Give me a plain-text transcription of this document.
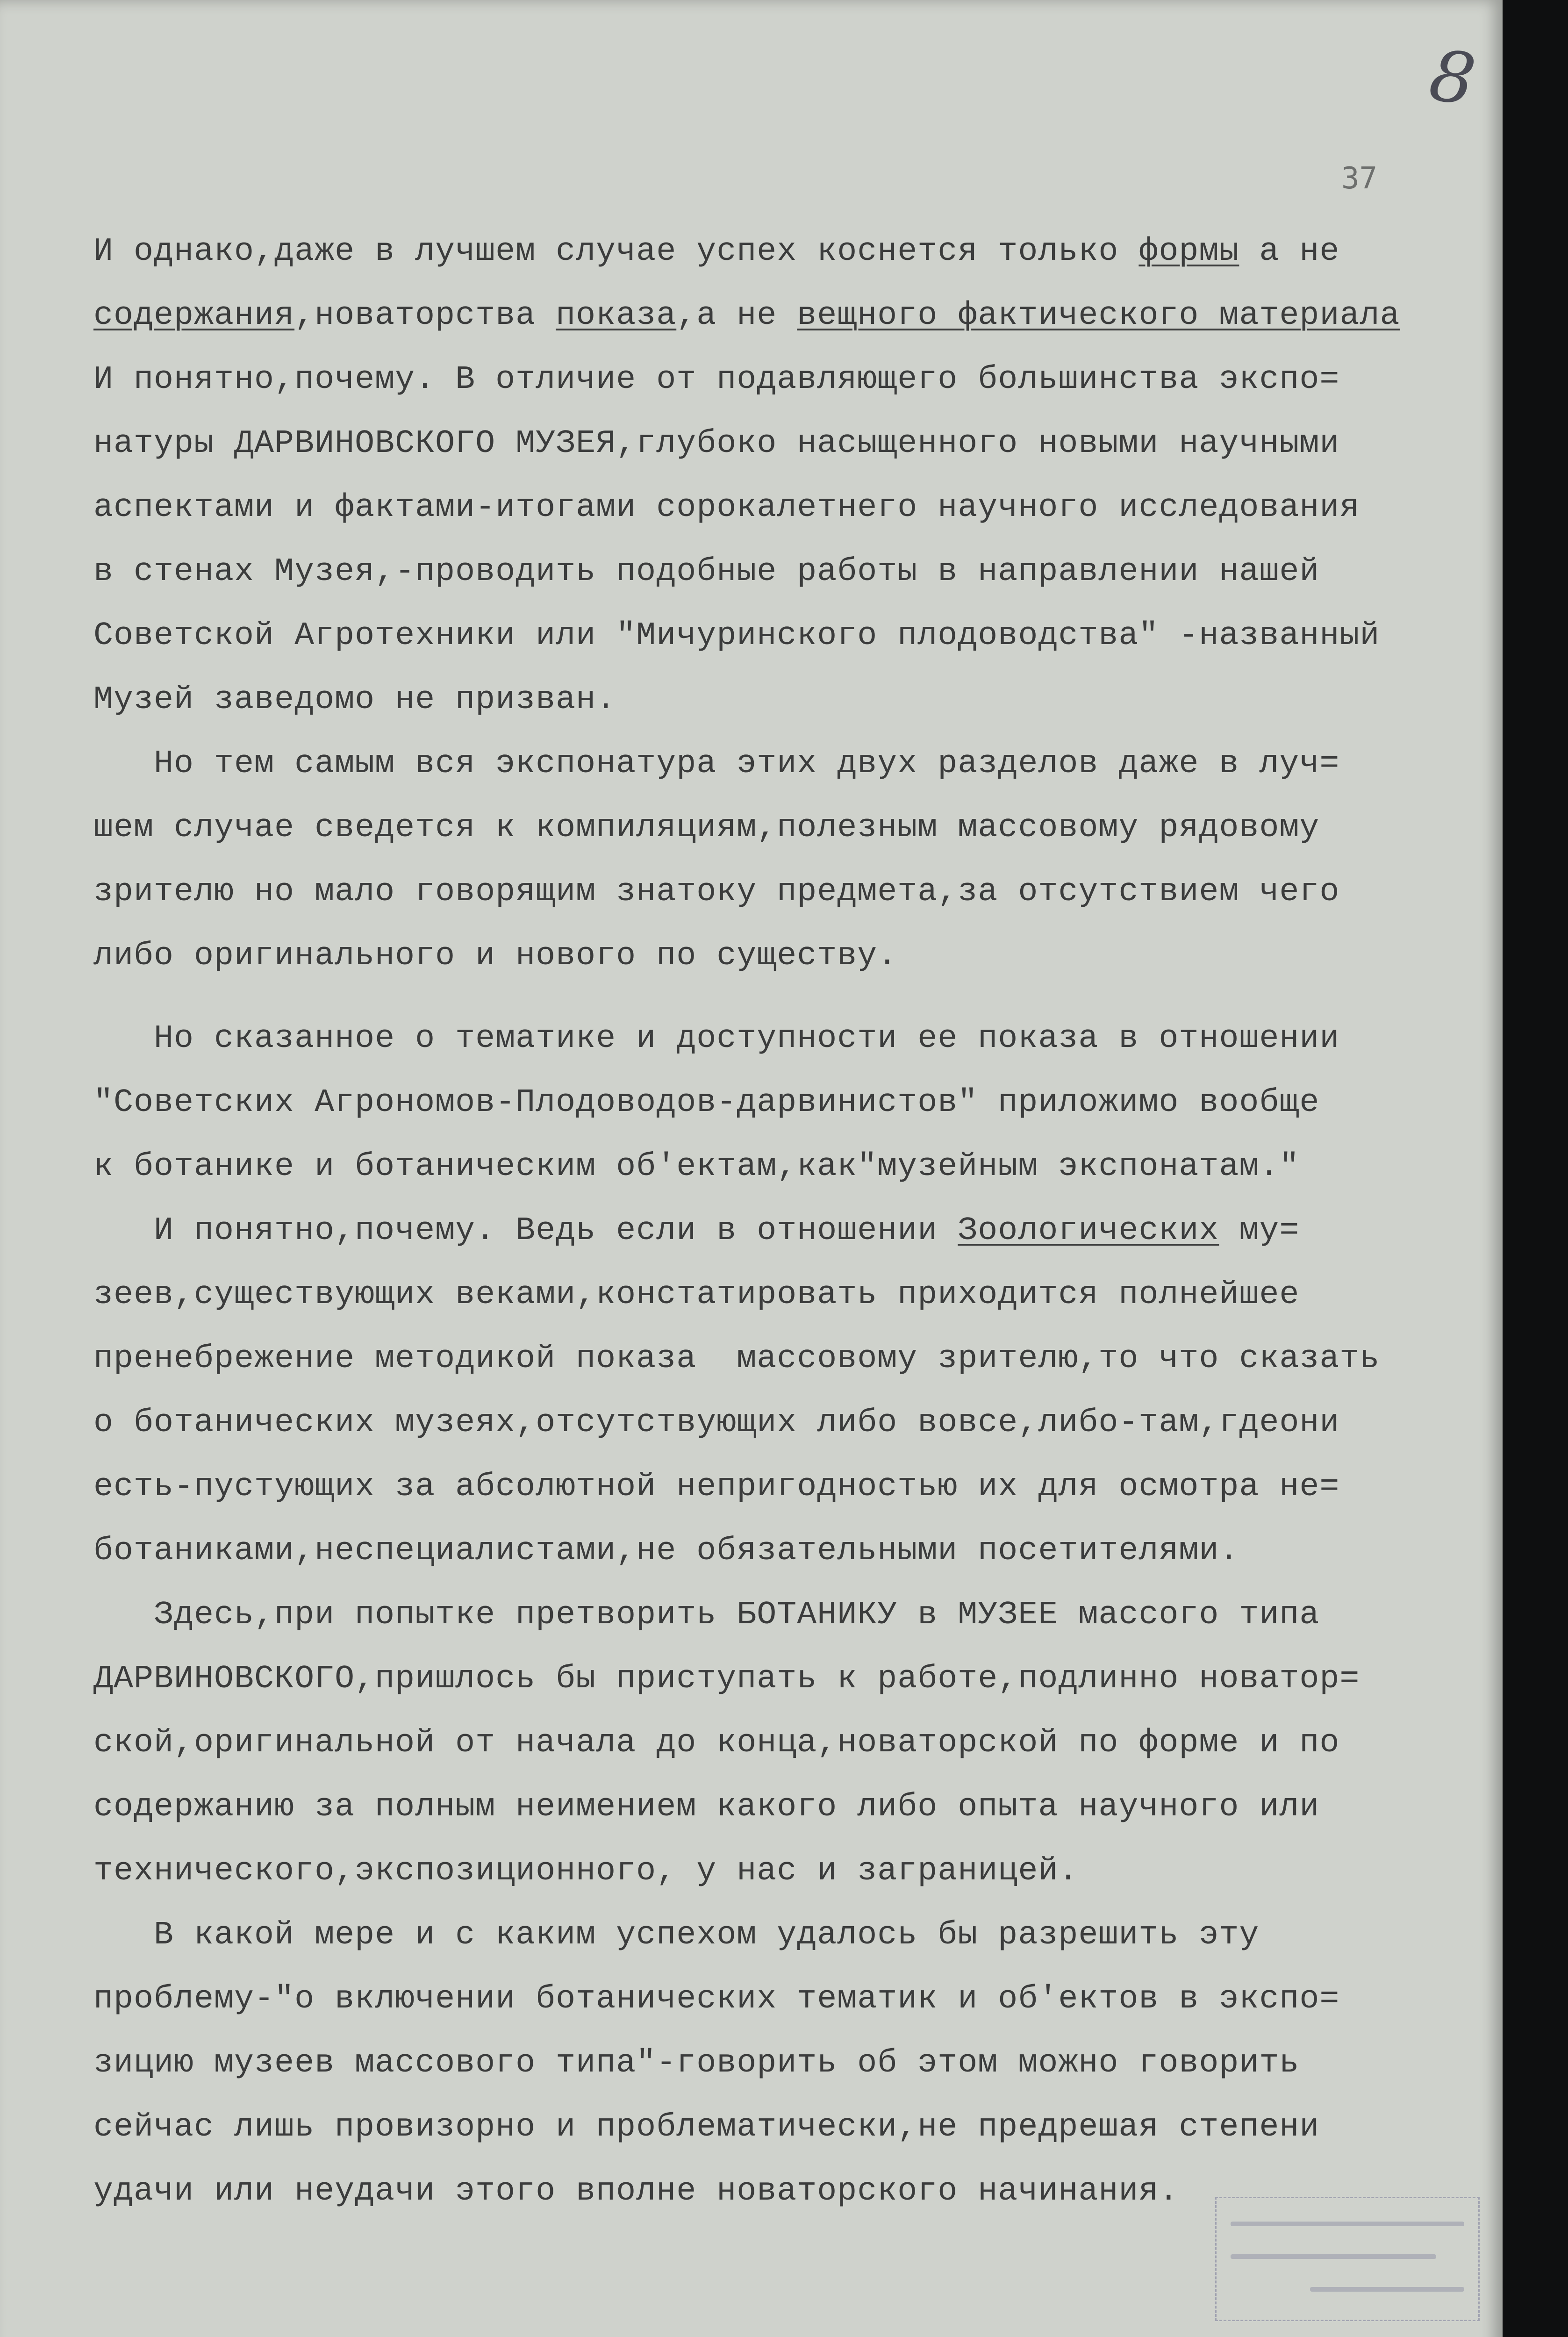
8
37
И однако,даже в лучшем случае успех коснется только формы а не
содержания,новаторства показа,а не вещного фактического материала
И понятно,почему. В отличие от подавляющего большинства экспо=
натуры ДАРВИНОВСКОГО МУЗЕЯ,глубоко насыщенного новыми научными
аспектами и фактами-итогами сорокалетнего научного исследования
в стенах Музея,-проводить подобные работы в направлении нашей
Советской Агротехники или "Мичуринского плодоводства" -названный
Музей заведомо не призван.
Но тем самым вся экспонатура этих двух разделов даже в луч=
шем случае сведется к компиляциям,полезным массовому рядовому
зрителю но мало говорящим знатоку предмета,за отсутствием чего
либо оригинального и нового по существу.
Но сказанное о тематике и доступности ее показа в отношении
"Советских Агрономов-Плодоводов-дарвинистов" приложимо вообще
к ботанике и ботаническим об'ектам,как"музейным экспонатам."
И понятно,почему. Ведь если в отношении Зоологических му=
зеев,существующих веками,констатировать приходится полнейшее
пренебрежение методикой показа  массовому зрителю,то что сказать
о ботанических музеях,отсутствующих либо вовсе,либо-там,гдеони
есть-пустующих за абсолютной непригодностью их для осмотра не=
ботаниками,неспециалистами,не обязательными посетителями.
Здесь,при попытке претворить БОТАНИКУ в МУЗЕЕ массого типа
ДАРВИНОВСКОГО,пришлось бы приступать к работе,подлинно новатор=
ской,оригинальной от начала до конца,новаторской по форме и по
содержанию за полным неимением какого либо опыта научного или
технического,экспозиционного, у нас и заграницей.
В какой мере и с каким успехом удалось бы разрешить эту
проблему-"о включении ботанических тематик и об'ектов в экспо=
зицию музеев массового типа"-говорить об этом можно говорить
сейчас лишь провизорно и проблематически,не предрешая степени
удачи или неудачи этого вполне новаторского начинания.
